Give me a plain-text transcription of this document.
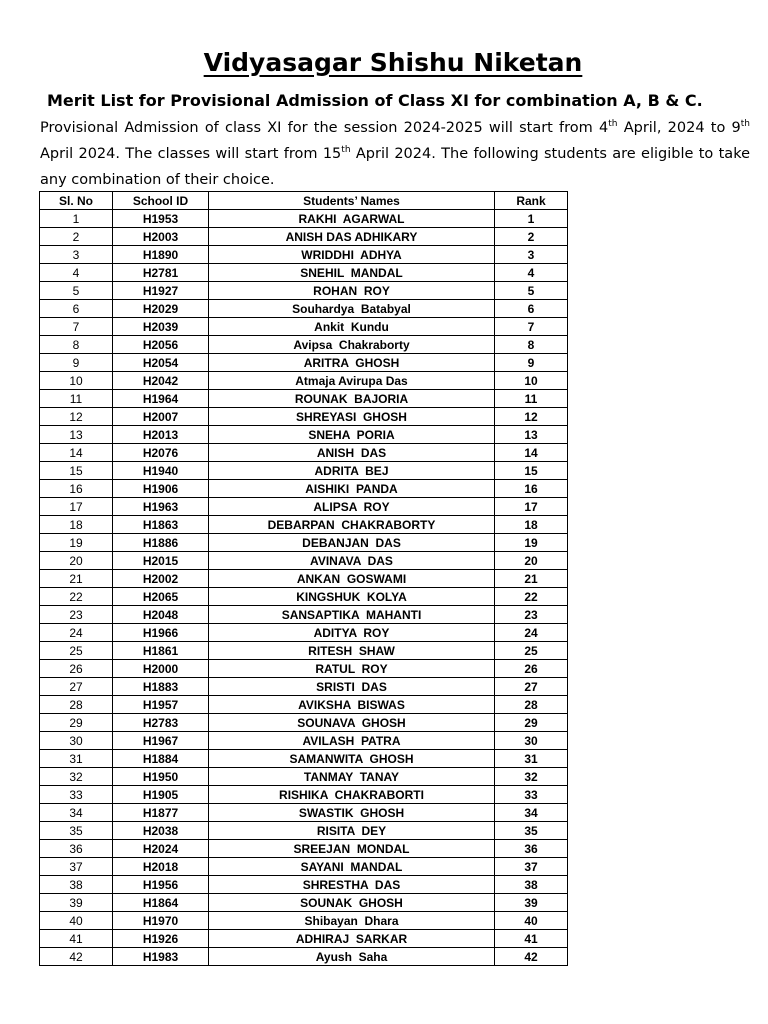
Vidyasagar Shishu Niketan
Merit List for Provisional Admission of Class XI for combination A, B & C.
Provisional Admission of class XI for the session 2024-2025 will start from 4th April, 2024 to 9th April 2024. The classes will start from 15th April 2024. The following students are eligible to take any combination of their choice.
Sl. No	School ID	Students’ Names	Rank
1	H1953	RAKHI  AGARWAL	1
2	H2003	ANISH DAS ADHIKARY	2
3	H1890	WRIDDHI  ADHYA	3
4	H2781	SNEHIL  MANDAL	4
5	H1927	ROHAN  ROY	5
6	H2029	Souhardya  Batabyal	6
7	H2039	Ankit  Kundu	7
8	H2056	Avipsa  Chakraborty	8
9	H2054	ARITRA  GHOSH	9
10	H2042	Atmaja Avirupa Das	10
11	H1964	ROUNAK  BAJORIA	11
12	H2007	SHREYASI  GHOSH	12
13	H2013	SNEHA  PORIA	13
14	H2076	ANISH  DAS	14
15	H1940	ADRITA  BEJ	15
16	H1906	AISHIKI  PANDA	16
17	H1963	ALIPSA  ROY	17
18	H1863	DEBARPAN  CHAKRABORTY	18
19	H1886	DEBANJAN  DAS	19
20	H2015	AVINAVA  DAS	20
21	H2002	ANKAN  GOSWAMI	21
22	H2065	KINGSHUK  KOLYA	22
23	H2048	SANSAPTIKA  MAHANTI	23
24	H1966	ADITYA  ROY	24
25	H1861	RITESH  SHAW	25
26	H2000	RATUL  ROY	26
27	H1883	SRISTI  DAS	27
28	H1957	AVIKSHA  BISWAS	28
29	H2783	SOUNAVA  GHOSH	29
30	H1967	AVILASH  PATRA	30
31	H1884	SAMANWITA  GHOSH	31
32	H1950	TANMAY  TANAY	32
33	H1905	RISHIKA  CHAKRABORTI	33
34	H1877	SWASTIK  GHOSH	34
35	H2038	RISITA  DEY	35
36	H2024	SREEJAN  MONDAL	36
37	H2018	SAYANI  MANDAL	37
38	H1956	SHRESTHA  DAS	38
39	H1864	SOUNAK  GHOSH	39
40	H1970	Shibayan  Dhara	40
41	H1926	ADHIRAJ  SARKAR	41
42	H1983	Ayush  Saha	42
